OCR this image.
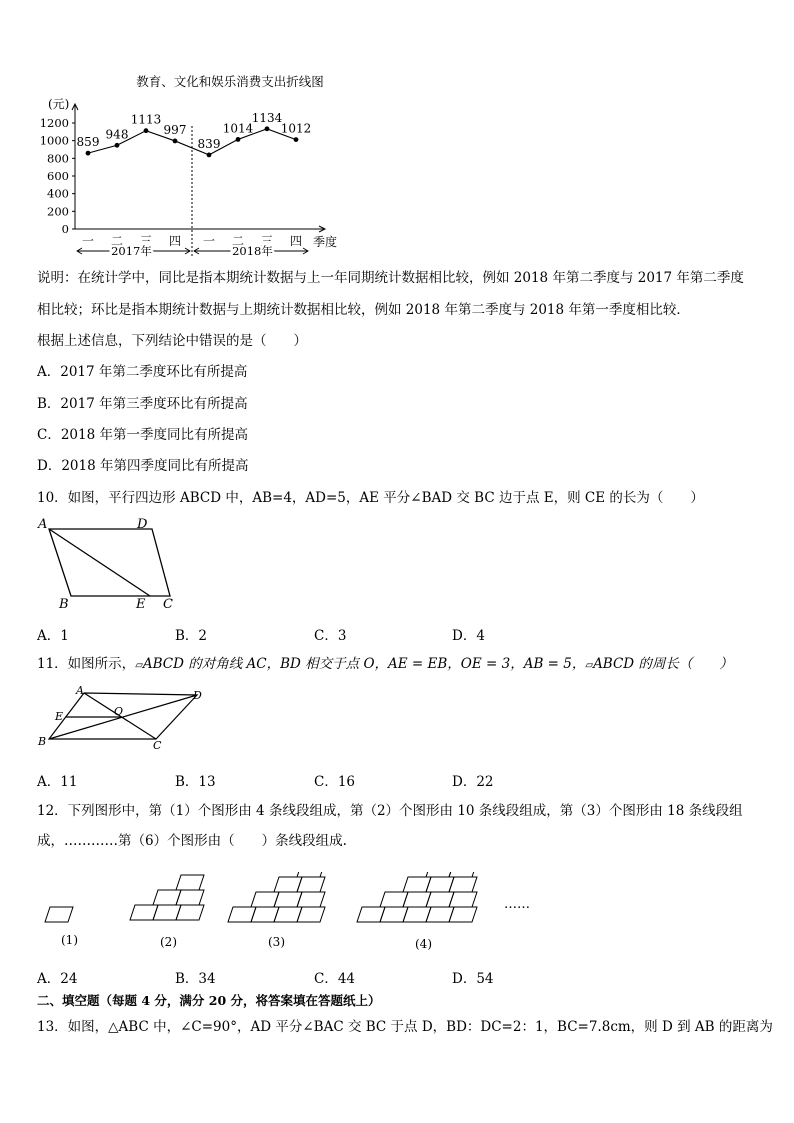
教育、文化和娱乐消费支出折线图
(元)
季度
0
200
400
600
800
1000
1200
一 二 三 四 一 二 三 四
2017年	2018年
859
948
1113
997
839
1014
1134
1012
说明：在统计学中，同比是指本期统计数据与上一年同期统计数据相比较，例如 2018 年第二季度与 2017 年第二季度
相比较；环比是指本期统计数据与上期统计数据相比较，例如 2018 年第二季度与 2018 年第一季度相比较．
根据上述信息，下列结论中错误的是（　　）
A．2017 年第二季度环比有所提高
B．2017 年第三季度环比有所提高
C．2018 年第一季度同比有所提高
D．2018 年第四季度同比有所提高
10．如图，平行四边形 ABCD 中，AB=4，AD=5，AE 平分∠BAD 交 BC 边于点 E，则 CE 的长为（　　）
A	D
B	E C
A．1	B．2	C．3	D．4
11．如图所示，▱ABCD 的对角线 AC，BD 相交于点 O，AE = EB，OE = 3，AB = 5，▱ABCD 的周长（　　）
A	D
E	O
B	C
A．11	B．13	C．16	D．22
12．下列图形中，第（1）个图形由 4 条线段组成，第（2）个图形由 10 条线段组成，第（3）个图形由 18 条线段组
成，…………第（6）个图形由（　　）条线段组成.
……
(1)	(2)	(3)	(4)
A．24	B．34	C．44	D．54
二、填空题（每题 4 分，满分 20 分，将答案填在答题纸上）
13．如图，△ABC 中，∠C=90°，AD 平分∠BAC 交 BC 于点 D，BD：DC=2：1，BC=7.8cm，则 D 到 AB 的距离为
